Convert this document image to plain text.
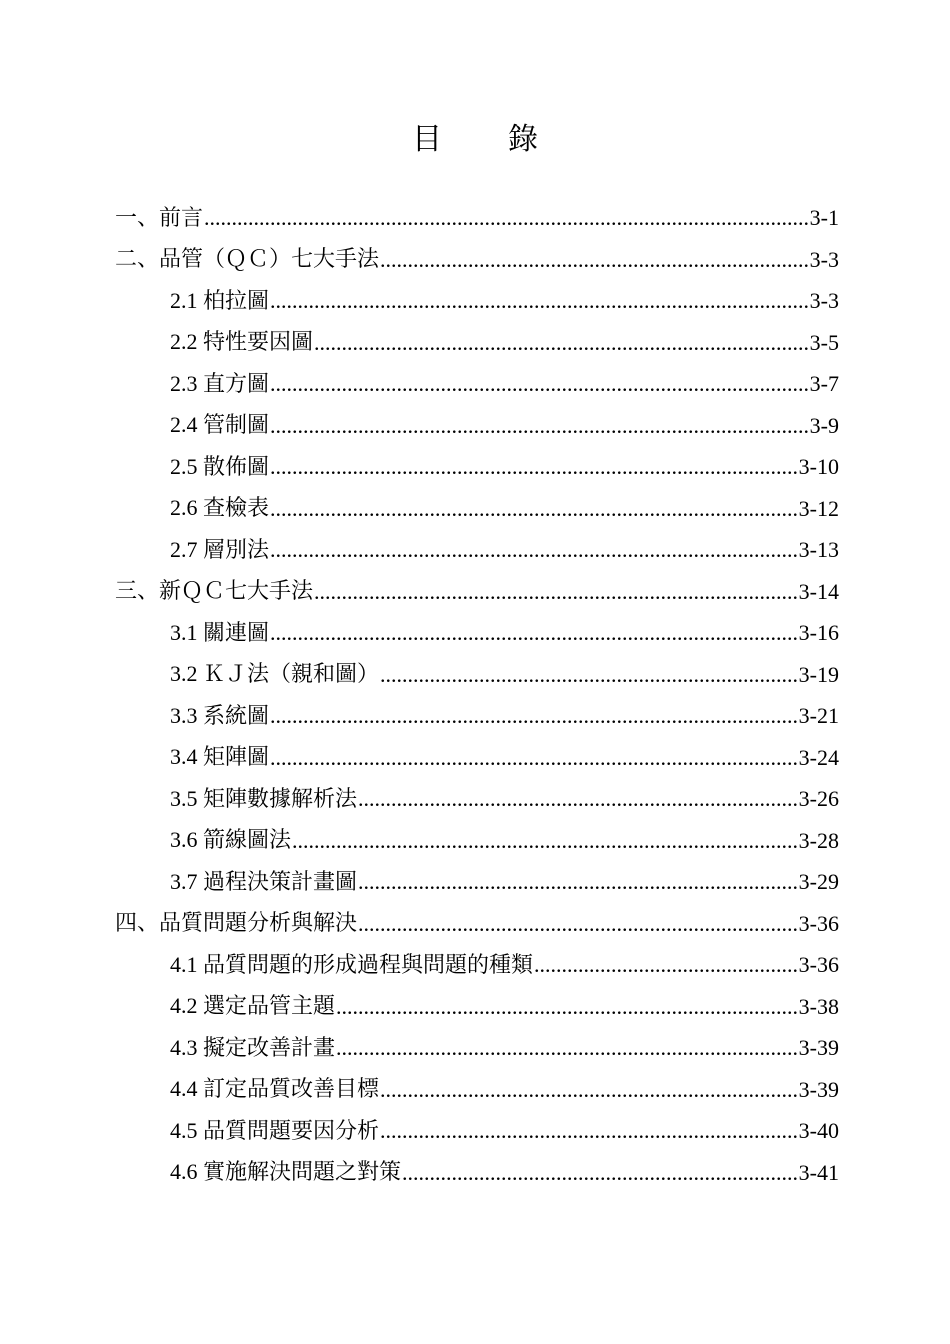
目 錄
一、前言 .....	3-1
二、品管（ＱＣ）七大手法 .....	3-3
2.1 柏拉圖 .....	3-3
2.2 特性要因圖 .....	3-5
2.3 直方圖 .....	3-7
2.4 管制圖 .....	3-9
2.5 散佈圖 .....	3-10
2.6 查檢表 .....	3-12
2.7 層別法 .....	3-13
三、新ＱＣ七大手法 .....	3-14
3.1 關連圖 .....	3-16
3.2 ＫＪ法（親和圖） .....	3-19
3.3 系統圖 .....	3-21
3.4 矩陣圖 .....	3-24
3.5 矩陣數據解析法 .....	3-26
3.6 箭線圖法 .....	3-28
3.7 過程決策計畫圖 .....	3-29
四、品質問題分析與解決 .....	3-36
4.1 品質問題的形成過程與問題的種類 .....	3-36
4.2 選定品管主題 .....	3-38
4.3 擬定改善計畫 .....	3-39
4.4 訂定品質改善目標 .....	3-39
4.5 品質問題要因分析 .....	3-40
4.6 實施解決問題之對策 .....	3-41
